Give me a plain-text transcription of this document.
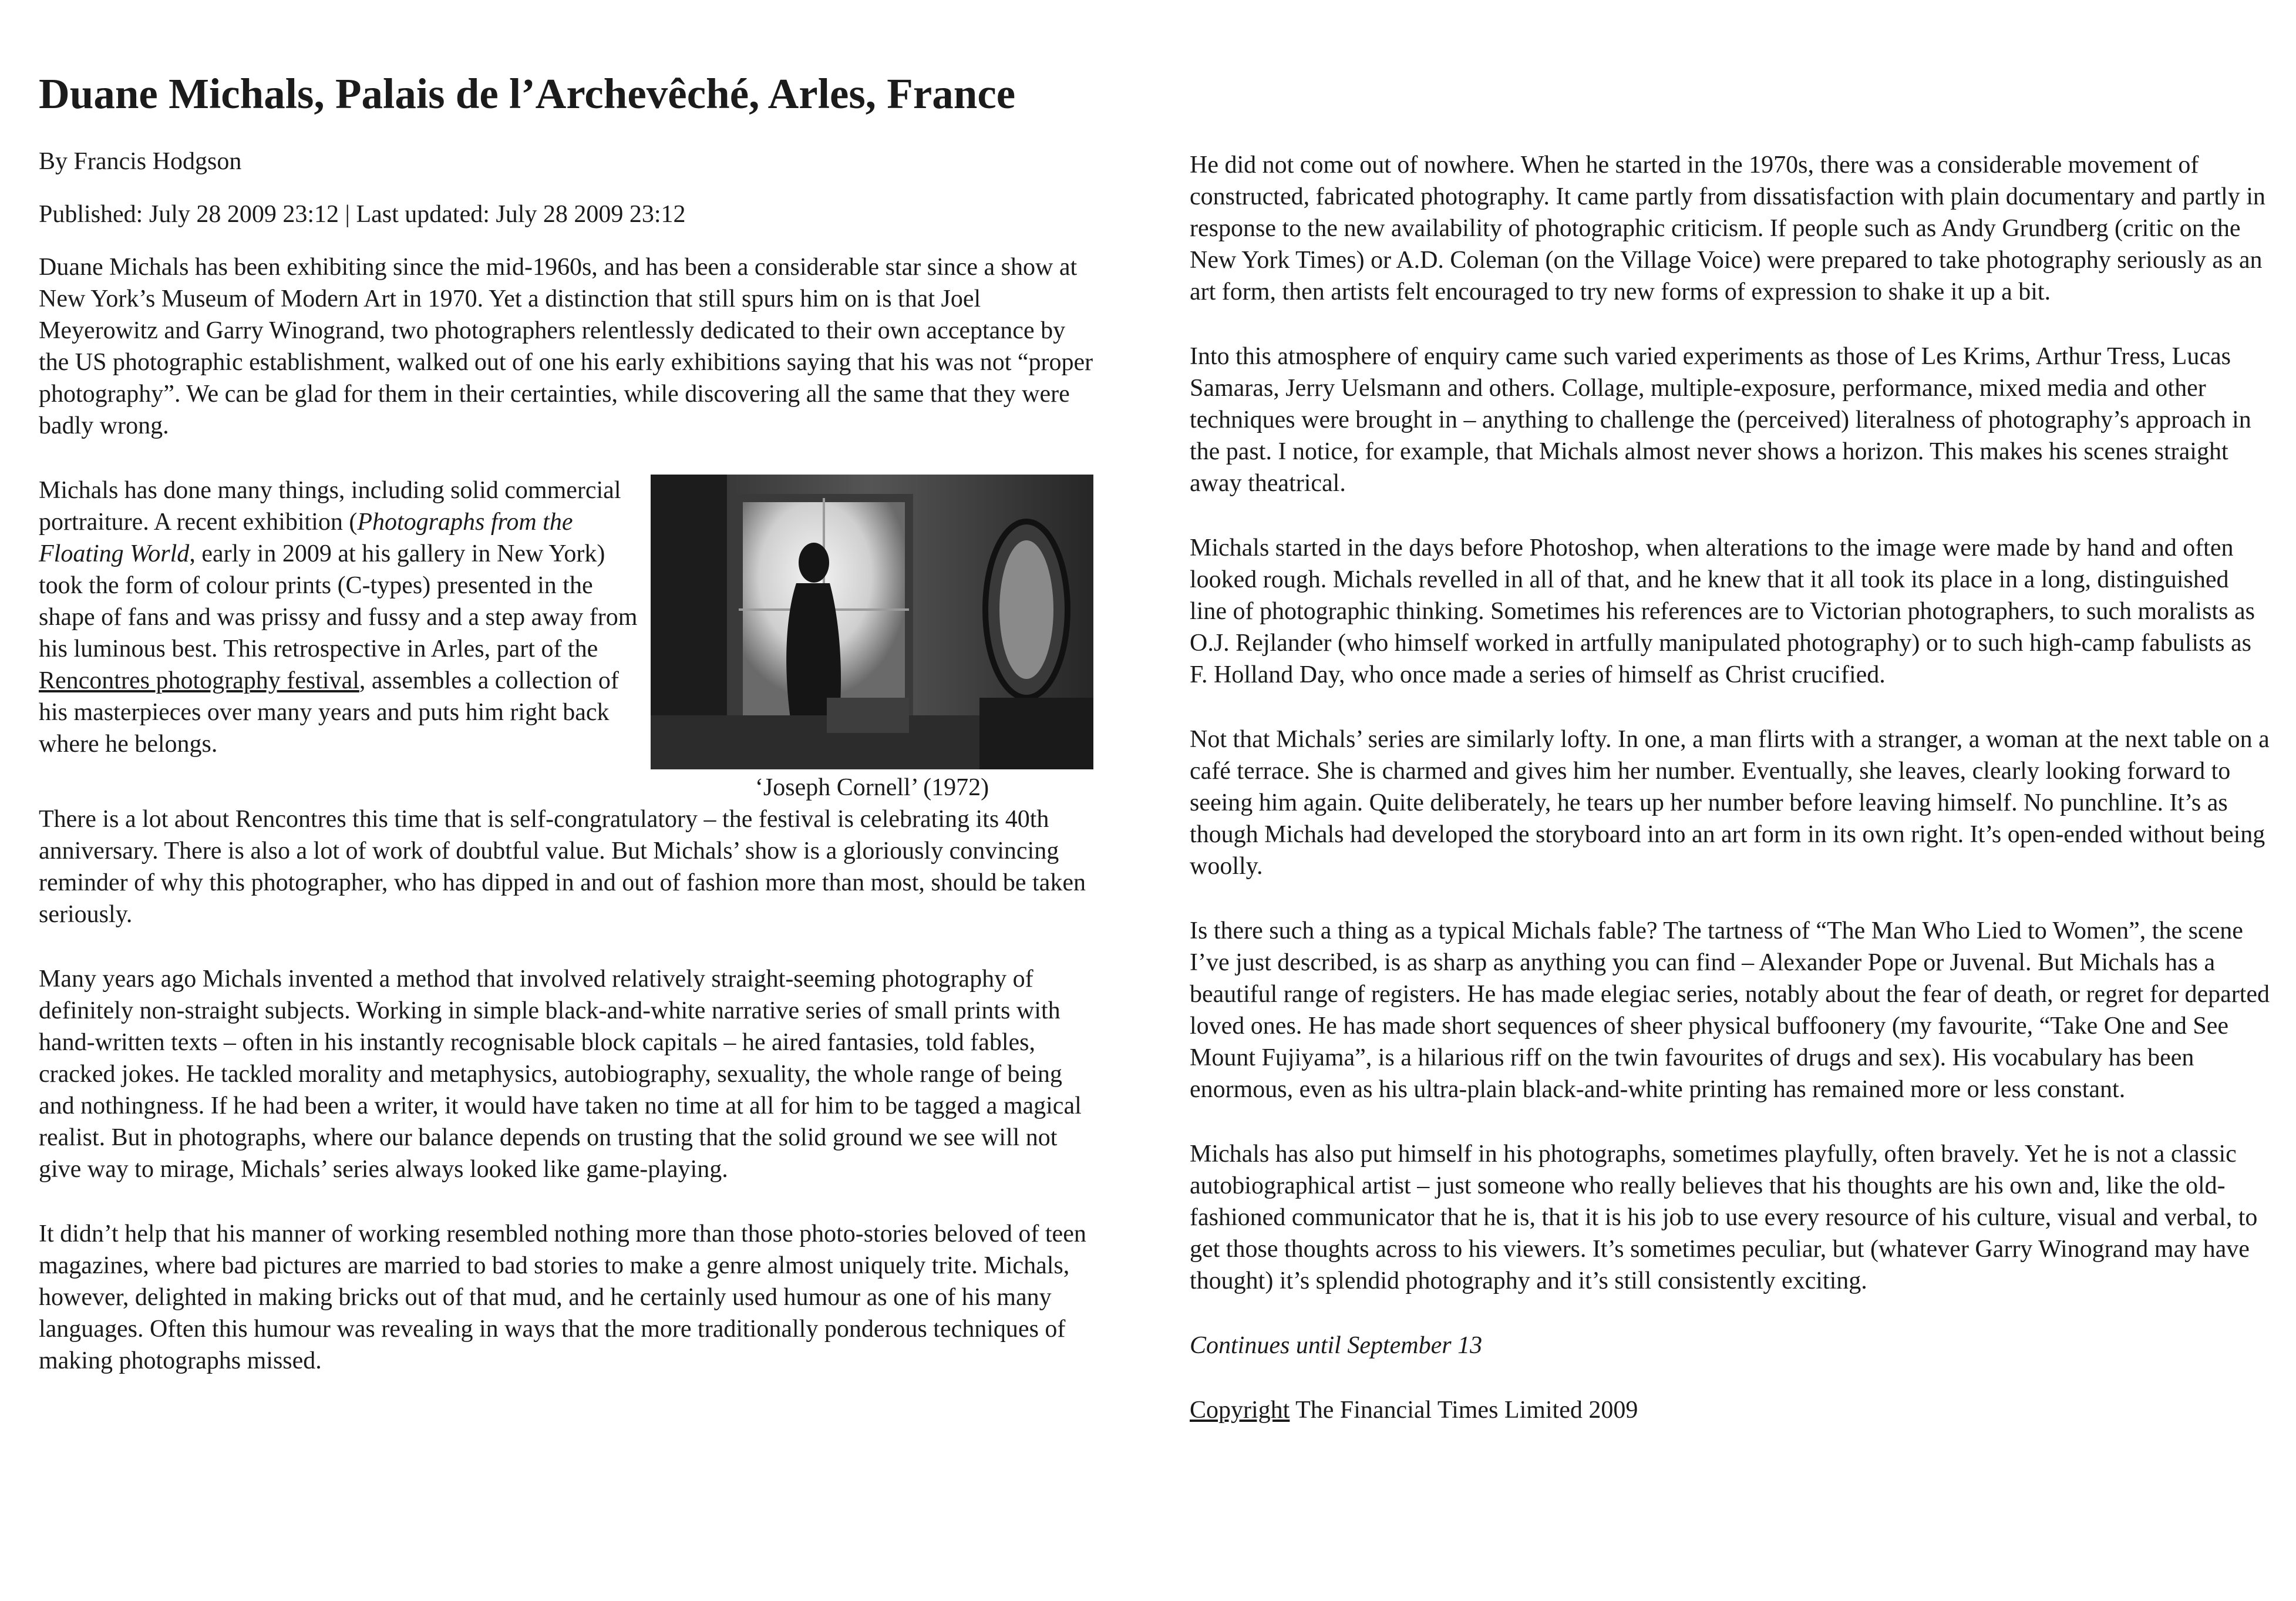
Duane Michals, Palais de l’Archevêché, Arles, France

By Francis Hodgson

Published: July 28 2009 23:12 | Last updated: July 28 2009 23:12

Duane Michals has been exhibiting since the mid-1960s, and has been a considerable star since a show at New York’s Museum of Modern Art in 1970. Yet a distinction that still spurs him on is that Joel Meyerowitz and Garry Winogrand, two photographers relentlessly dedicated to their own acceptance by the US photographic establishment, walked out of one his early exhibitions saying that his was not “proper photography”. We can be glad for them in their certainties, while discovering all the same that they were badly wrong.

‘Joseph Cornell’ (1972)

Michals has done many things, including solid commercial portraiture. A recent exhibition (Photographs from the Floating World, early in 2009 at his gallery in New York) took the form of colour prints (C-types) presented in the shape of fans and was prissy and fussy and a step away from his luminous best. This retrospective in Arles, part of the Rencontres photography festival, assembles a collection of his masterpieces over many years and puts him right back where he belongs.

There is a lot about Rencontres this time that is self-congratulatory – the festival is celebrating its 40th anniversary. There is also a lot of work of doubtful value. But Michals’ show is a gloriously convincing reminder of why this photographer, who has dipped in and out of fashion more than most, should be taken seriously.

Many years ago Michals invented a method that involved relatively straight-seeming photography of definitely non-straight subjects. Working in simple black-and-white narrative series of small prints with hand-written texts – often in his instantly recognisable block capitals – he aired fantasies, told fables, cracked jokes. He tackled morality and metaphysics, autobiography, sexuality, the whole range of being and nothingness. If he had been a writer, it would have taken no time at all for him to be tagged a magical realist. But in photographs, where our balance depends on trusting that the solid ground we see will not give way to mirage, Michals’ series always looked like game-playing.

It didn’t help that his manner of working resembled nothing more than those photo-stories beloved of teen magazines, where bad pictures are married to bad stories to make a genre almost uniquely trite. Michals, however, delighted in making bricks out of that mud, and he certainly used humour as one of his many languages. Often this humour was revealing in ways that the more traditionally ponderous techniques of making photographs missed.

He did not come out of nowhere. When he started in the 1970s, there was a considerable movement of constructed, fabricated photography. It came partly from dissatisfaction with plain documentary and partly in response to the new availability of photographic criticism. If people such as Andy Grundberg (critic on the New York Times) or A.D. Coleman (on the Village Voice) were prepared to take photography seriously as an art form, then artists felt encouraged to try new forms of expression to shake it up a bit.

Into this atmosphere of enquiry came such varied experiments as those of Les Krims, Arthur Tress, Lucas Samaras, Jerry Uelsmann and others. Collage, multiple-exposure, performance, mixed media and other techniques were brought in – anything to challenge the (perceived) literalness of photography’s approach in the past. I notice, for example, that Michals almost never shows a horizon. This makes his scenes straight away theatrical.

Michals started in the days before Photoshop, when alterations to the image were made by hand and often looked rough. Michals revelled in all of that, and he knew that it all took its place in a long, distinguished line of photographic thinking. Sometimes his references are to Victorian photographers, to such moralists as O.J. Rejlander (who himself worked in artfully manipulated photography) or to such high-camp fabulists as F. Holland Day, who once made a series of himself as Christ crucified.

Not that Michals’ series are similarly lofty. In one, a man flirts with a stranger, a woman at the next table on a café terrace. She is charmed and gives him her number. Eventually, she leaves, clearly looking forward to seeing him again. Quite deliberately, he tears up her number before leaving himself. No punchline. It’s as though Michals had developed the storyboard into an art form in its own right. It’s open-ended without being woolly.

Is there such a thing as a typical Michals fable? The tartness of “The Man Who Lied to Women”, the scene I’ve just described, is as sharp as anything you can find – Alexander Pope or Juvenal. But Michals has a beautiful range of registers. He has made elegiac series, notably about the fear of death, or regret for departed loved ones. He has made short sequences of sheer physical buffoonery (my favourite, “Take One and See Mount Fujiyama”, is a hilarious riff on the twin favourites of drugs and sex). His vocabulary has been enormous, even as his ultra-plain black-and-white printing has remained more or less constant.

Michals has also put himself in his photographs, sometimes playfully, often bravely. Yet he is not a classic autobiographical artist – just someone who really believes that his thoughts are his own and, like the old-fashioned communicator that he is, that it is his job to use every resource of his culture, visual and verbal, to get those thoughts across to his viewers. It’s sometimes peculiar, but (whatever Garry Winogrand may have thought) it’s splendid photography and it’s still consistently exciting.

Continues until September 13

Copyright The Financial Times Limited 2009
